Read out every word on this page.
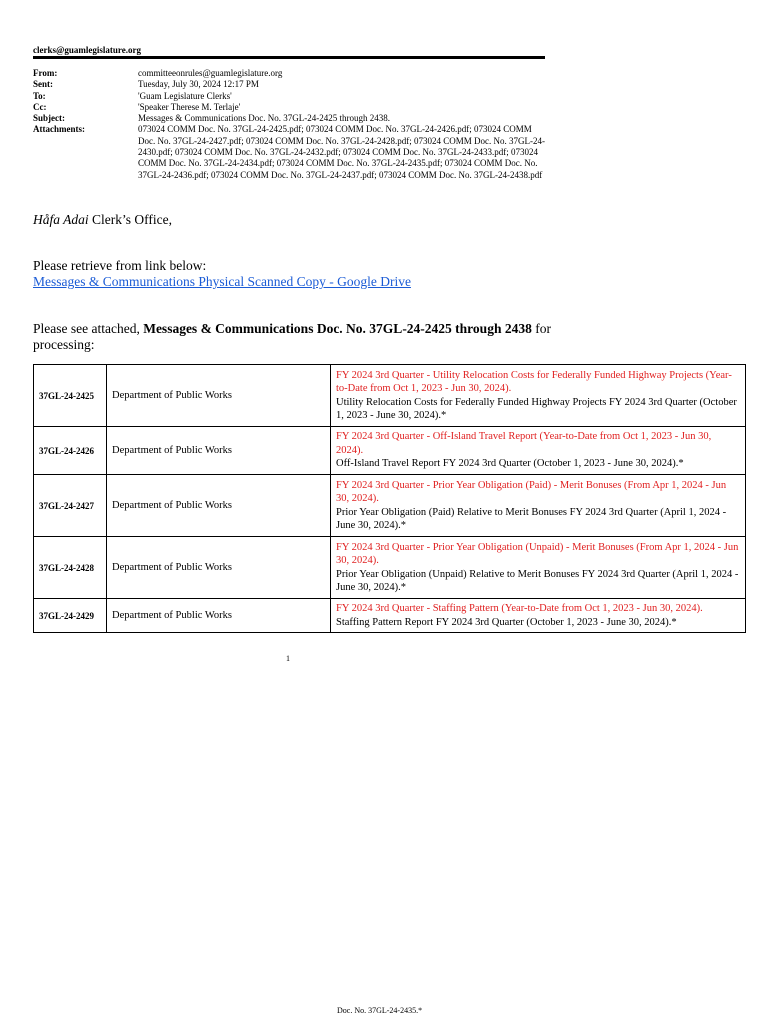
clerks@guamlegislature.org
From:	committeeonrules@guamlegislature.org
Sent:	Tuesday, July 30, 2024 12:17 PM
To:	'Guam Legislature Clerks'
Cc:	'Speaker Therese M. Terlaje'
Subject:	Messages & Communications Doc. No. 37GL-24-2425 through 2438.
Attachments:	073024 COMM Doc. No. 37GL-24-2425.pdf; 073024 COMM Doc. No. 37GL-24-2426.pdf; 073024 COMM Doc. No. 37GL-24-2427.pdf; 073024 COMM Doc. No. 37GL-24-2428.pdf; 073024 COMM Doc. No. 37GL-24-2430.pdf; 073024 COMM Doc. No. 37GL-24-2432.pdf; 073024 COMM Doc. No. 37GL-24-2433.pdf; 073024 COMM Doc. No. 37GL-24-2434.pdf; 073024 COMM Doc. No. 37GL-24-2435.pdf; 073024 COMM Doc. No. 37GL-24-2436.pdf; 073024 COMM Doc. No. 37GL-24-2437.pdf; 073024 COMM Doc. No. 37GL-24-2438.pdf
Håfa Adai Clerk’s Office,
Please retrieve from link below:
Messages & Communications Physical Scanned Copy - Google Drive
Please see attached, Messages & Communications Doc. No. 37GL-24-2425 through 2438 for processing:
37GL-24-2425	Department of Public Works	FY 2024 3rd Quarter - Utility Relocation Costs for Federally Funded Highway Projects (Year-to-Date from Oct 1, 2023 - Jun 30, 2024).
Utility Relocation Costs for Federally Funded Highway Projects FY 2024 3rd Quarter (October 1, 2023 - June 30, 2024).*

37GL-24-2426	Department of Public Works	FY 2024 3rd Quarter - Off-Island Travel Report (Year-to-Date from Oct 1, 2023 - Jun 30, 2024).
Off-Island Travel Report FY 2024 3rd Quarter (October 1, 2023 - June 30, 2024).*

37GL-24-2427	Department of Public Works	FY 2024 3rd Quarter - Prior Year Obligation (Paid) - Merit Bonuses (From Apr 1, 2024 - Jun 30, 2024).
Prior Year Obligation (Paid) Relative to Merit Bonuses FY 2024 3rd Quarter (April 1, 2024 - June 30, 2024).*

37GL-24-2428	Department of Public Works	FY 2024 3rd Quarter - Prior Year Obligation (Unpaid) - Merit Bonuses (From Apr 1, 2024 - Jun 30, 2024).
Prior Year Obligation (Unpaid) Relative to Merit Bonuses FY 2024 3rd Quarter (April 1, 2024 - June 30, 2024).*

37GL-24-2429	Department of Public Works	FY 2024 3rd Quarter - Staffing Pattern (Year-to-Date from Oct 1, 2023 - Jun 30, 2024).
Staffing Pattern Report FY 2024 3rd Quarter (October 1, 2023 - June 30, 2024).*
1
Doc. No. 37GL-24-2435.*
